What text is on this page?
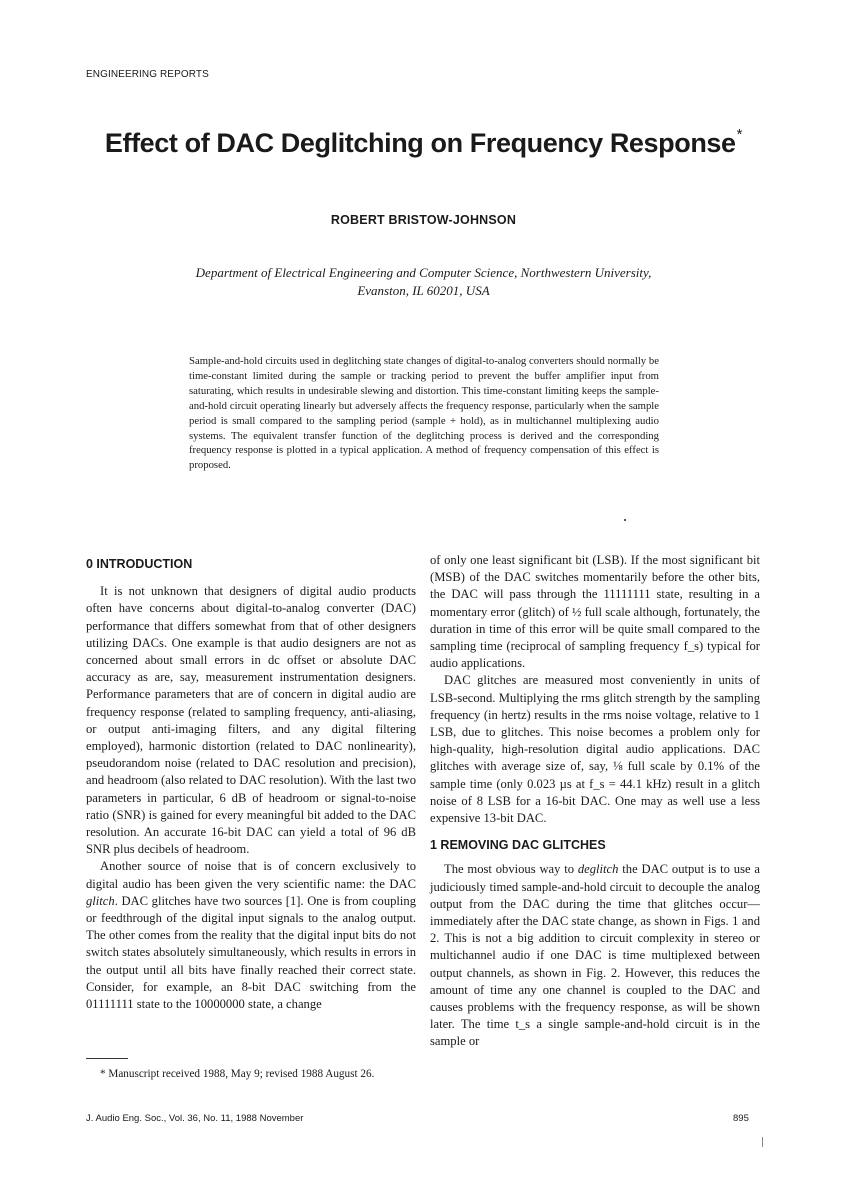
ENGINEERING REPORTS
Effect of DAC Deglitching on Frequency Response*
ROBERT BRISTOW-JOHNSON
Department of Electrical Engineering and Computer Science, Northwestern University,
Evanston, IL 60201, USA
Sample-and-hold circuits used in deglitching state changes of digital-to-analog converters should normally be time-constant limited during the sample or tracking period to prevent the buffer amplifier input from saturating, which results in undesirable slewing and distortion. This time-constant limiting keeps the sample-and-hold circuit operating linearly but adversely affects the frequency response, particularly when the sample period is small compared to the sampling period (sample + hold), as in multichannel multiplexing audio systems. The equivalent transfer function of the deglitching process is derived and the corresponding frequency response is plotted in a typical application. A method of frequency compensation of this effect is proposed.
0 INTRODUCTION

It is not unknown that designers of digital audio products often have concerns about digital-to-analog converter (DAC) performance that differs somewhat from that of other designers utilizing DACs. One example is that audio designers are not as concerned about small errors in dc offset or absolute DAC accuracy as are, say, measurement instrumentation designers. Performance parameters that are of concern in digital audio are frequency response (related to sampling frequency, anti-aliasing, or output anti-imaging filters, and any digital filtering employed), harmonic distortion (related to DAC nonlinearity), pseudorandom noise (related to DAC resolution and precision), and headroom (also related to DAC resolution). With the last two parameters in particular, 6 dB of headroom or signal-to-noise ratio (SNR) is gained for every meaningful bit added to the DAC resolution. An accurate 16-bit DAC can yield a total of 96 dB SNR plus decibels of headroom.

Another source of noise that is of concern exclusively to digital audio has been given the very scientific name: the DAC glitch. DAC glitches have two sources [1]. One is from coupling or feedthrough of the digital input signals to the analog output. The other comes from the reality that the digital input bits do not switch states absolutely simultaneously, which results in errors in the output until all bits have finally reached their correct state. Consider, for example, an 8-bit DAC switching from the 01111111 state to the 10000000 state, a change

of only one least significant bit (LSB). If the most significant bit (MSB) of the DAC switches momentarily before the other bits, the DAC will pass through the 11111111 state, resulting in a momentary error (glitch) of ½ full scale although, fortunately, the duration in time of this error will be quite small compared to the sampling time (reciprocal of sampling frequency f_s) typical for audio applications.

DAC glitches are measured most conveniently in units of LSB-second. Multiplying the rms glitch strength by the sampling frequency (in hertz) results in the rms noise voltage, relative to 1 LSB, due to glitches. This noise becomes a problem only for high-quality, high-resolution digital audio applications. DAC glitches with average size of, say, ⅛ full scale by 0.1% of the sample time (only 0.023 µs at f_s = 44.1 kHz) result in a glitch noise of 8 LSB for a 16-bit DAC. One may as well use a less expensive 13-bit DAC.

1 REMOVING DAC GLITCHES

The most obvious way to deglitch the DAC output is to use a judiciously timed sample-and-hold circuit to decouple the analog output from the DAC during the time that glitches occur—immediately after the DAC state change, as shown in Figs. 1 and 2. This is not a big addition to circuit complexity in stereo or multichannel audio if one DAC is time multiplexed between output channels, as shown in Fig. 2. However, this reduces the amount of time any one channel is coupled to the DAC and causes problems with the frequency response, as will be shown later. The time t_s a single sample-and-hold circuit is in the sample or

* Manuscript received 1988, May 9; revised 1988 August 26.
J. Audio Eng. Soc., Vol. 36, No. 11, 1988 November	895
